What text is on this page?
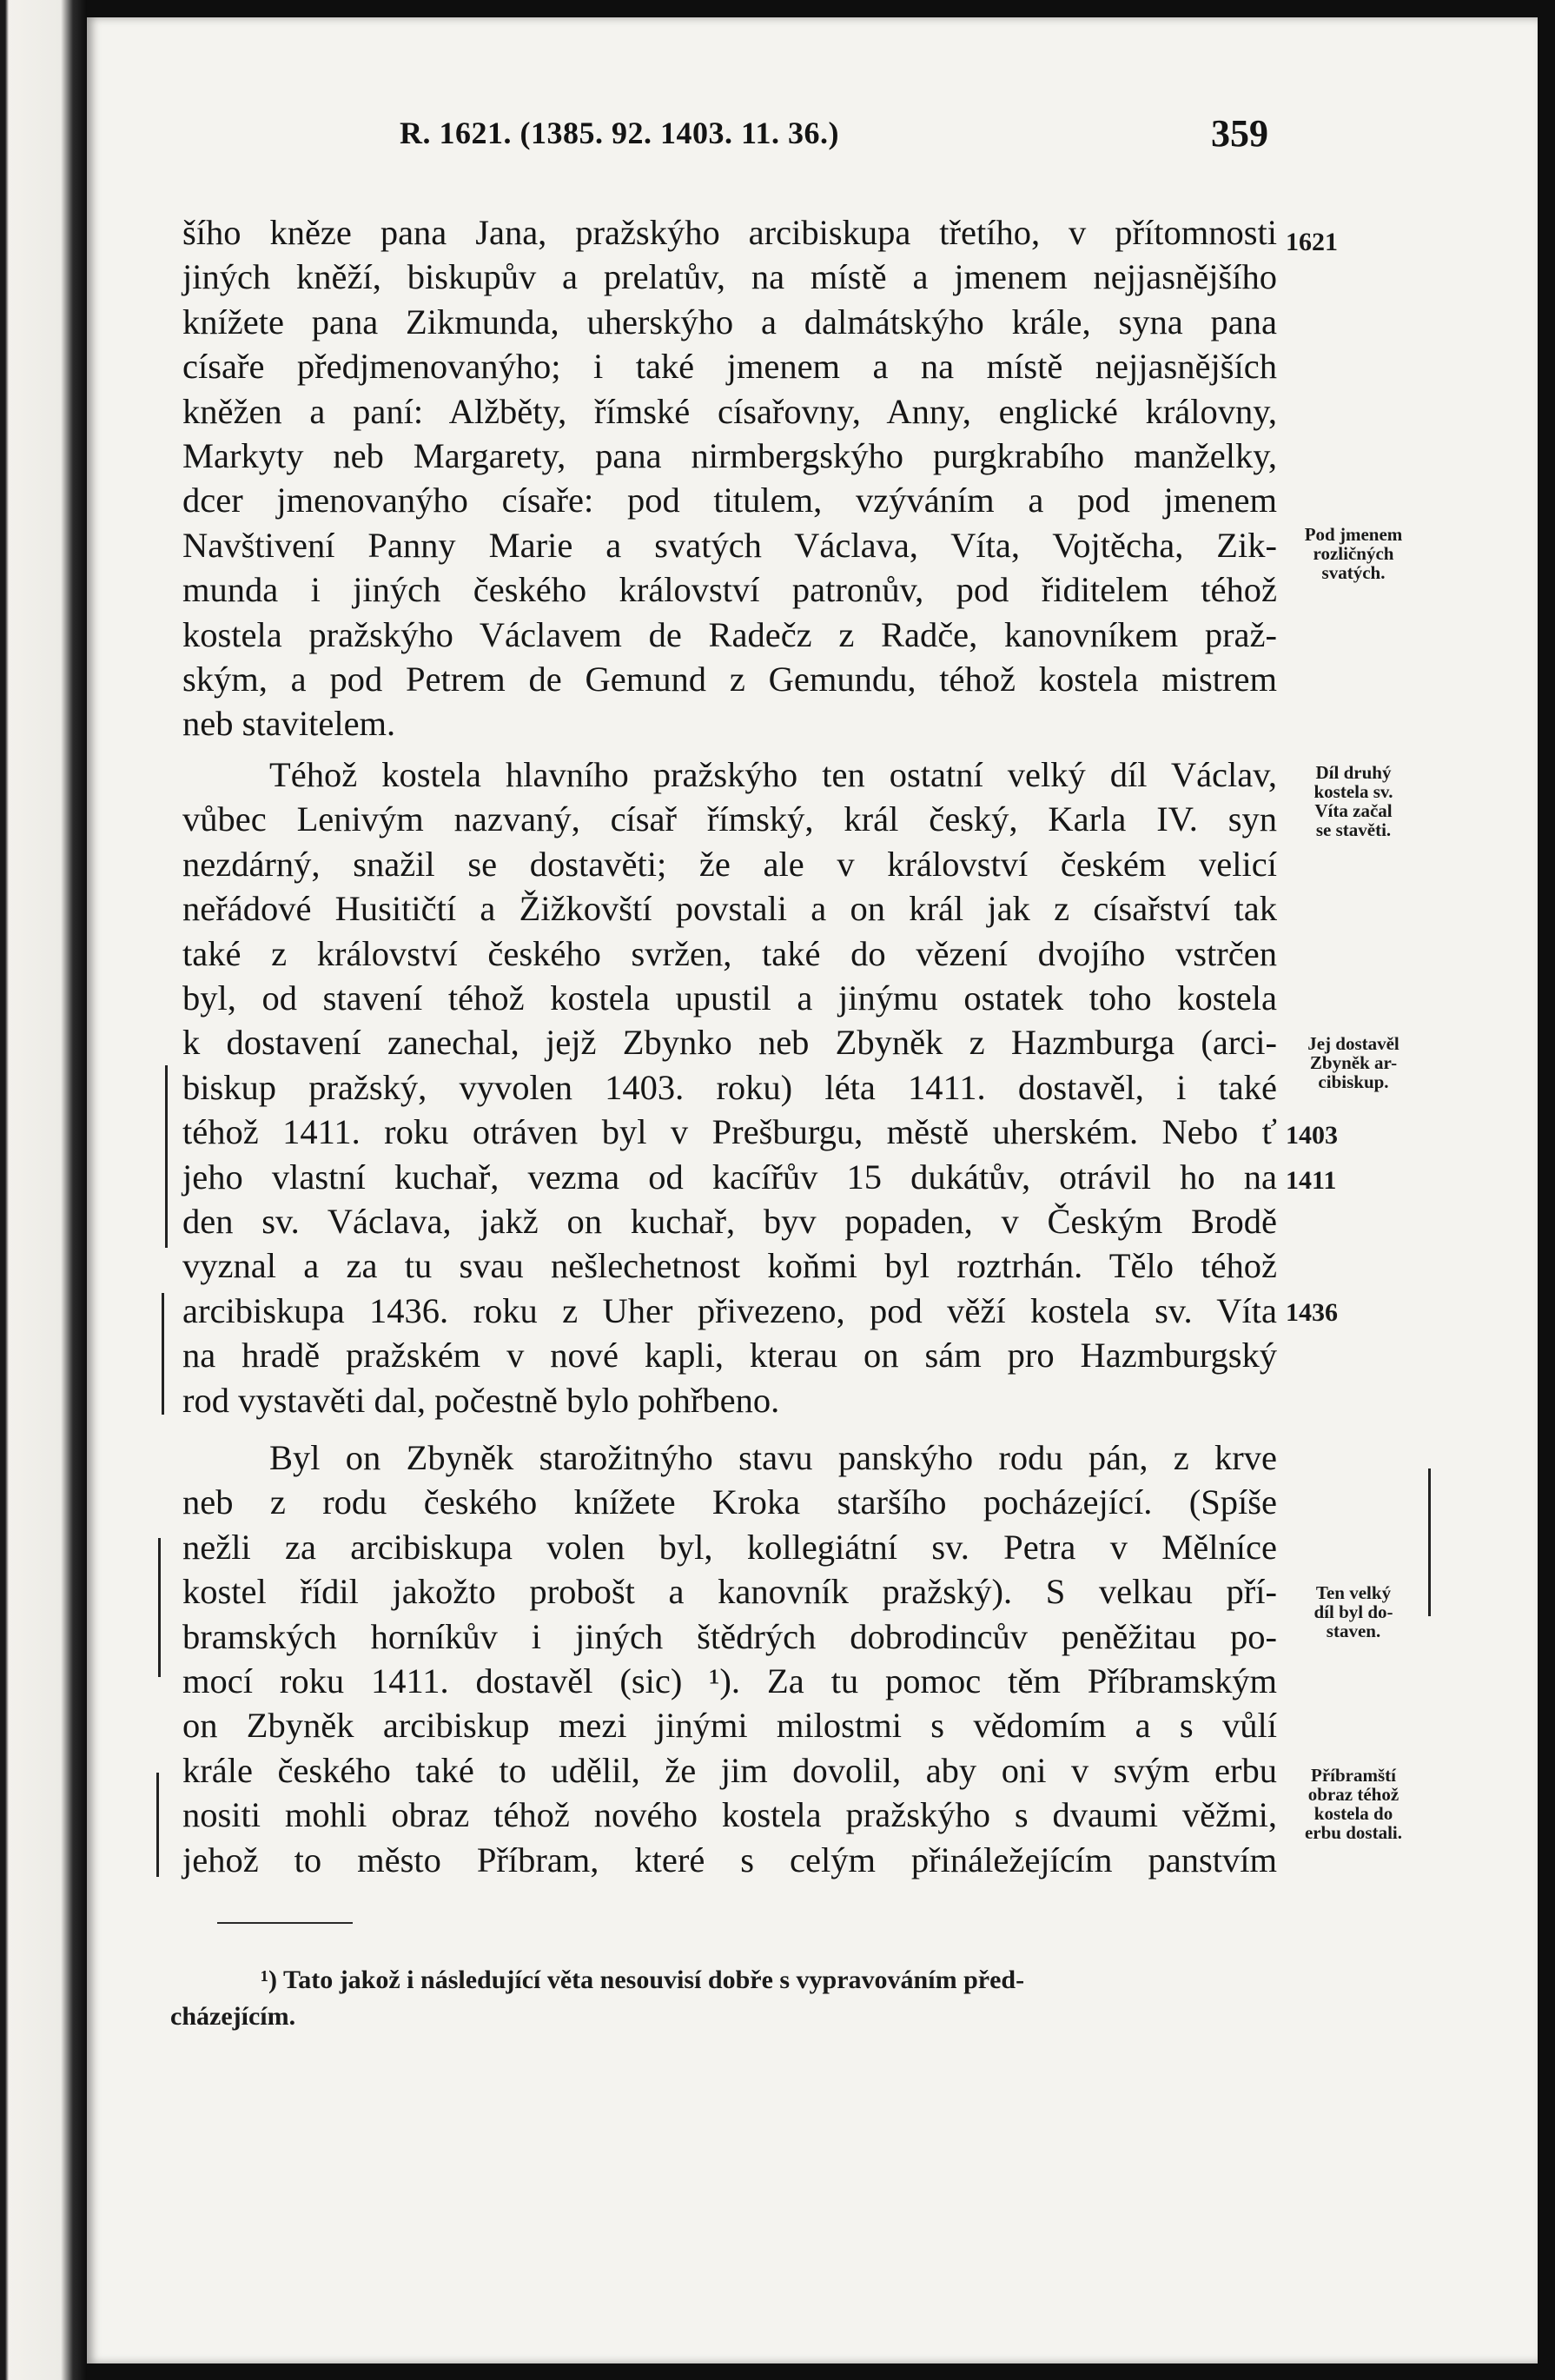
R. 1621. (1385. 92. 1403. 11. 36.)	359
šího kněze pana Jana, pražskýho arcibiskupa třetího, v přítomnosti
jiných kněží, biskupův a prelatův, na místě a jmenem nejjasnějšího
knížete pana Zikmunda, uherskýho a dalmátskýho krále, syna pana
císaře předjmenovanýho; i také jmenem a na místě nejjasnějších
kněžen a paní: Alžběty, římské císařovny, Anny, englické královny,
Markyty neb Margarety, pana nirmbergskýho purgkrabího manželky,
dcer jmenovanýho císaře: pod titulem, vzýváním a pod jmenem
Navštivení Panny Marie a svatých Václava, Víta, Vojtěcha, Zik-
munda i jiných českého království patronův, pod řiditelem téhož
kostela pražskýho Václavem de Radečz z Radče, kanovníkem praž-
ským, a pod Petrem de Gemund z Gemundu, téhož kostela mistrem
neb stavitelem.
Téhož kostela hlavního pražskýho ten ostatní velký díl Václav,
vůbec Lenivým nazvaný, císař římský, král český, Karla IV. syn
nezdárný, snažil se dostavěti; že ale v království českém velicí
neřádové Husitičtí a Žižkovští povstali a on král jak z císařství tak
také z království českého svržen, také do vězení dvojího vstrčen
byl, od stavení téhož kostela upustil a jinýmu ostatek toho kostela
k dostavení zanechal, jejž Zbynko neb Zbyněk z Hazmburga (arci-
biskup pražský, vyvolen 1403. roku) léta 1411. dostavěl, i také
téhož 1411. roku otráven byl v Prešburgu, městě uherském. Nebo ť
jeho vlastní kuchař, vezma od kacířův 15 dukátův, otrávil ho na
den sv. Václava, jakž on kuchař, byv popaden, v Českým Brodě
vyznal a za tu svau nešlechetnost koňmi byl roztrhán. Tělo téhož
arcibiskupa 1436. roku z Uher přivezeno, pod věží kostela sv. Víta
na hradě pražském v nové kapli, kterau on sám pro Hazmburgský
rod vystavěti dal, počestně bylo pohřbeno.
Byl on Zbyněk starožitnýho stavu panskýho rodu pán, z krve
neb z rodu českého knížete Kroka staršího pocházející. (Spíše
nežli za arcibiskupa volen byl, kollegiátní sv. Petra v Mělníce
kostel řídil jakožto probošt a kanovník pražský). S velkau pří-
bramských horníkův i jiných štědrých dobrodincův peněžitau po-
mocí roku 1411. dostavěl (sic) ¹). Za tu pomoc těm Příbramským
on Zbyněk arcibiskup mezi jinými milostmi s vědomím a s vůlí
krále českého také to udělil, že jim dovolil, aby oni v svým erbu
nositi mohli obraz téhož nového kostela pražskýho s dvaumi věžmi,
jehož to město Příbram, které s celým přináležejícím panstvím
1621
Pod jmenem
rozličných
svatých.
Díl druhý
kostela sv.
Víta začal
se stavěti.
Jej dostavěl
Zbyněk ar-
cibiskup.
1403
1411
1436
Ten velký
díl byl do-
staven.
Příbramští
obraz téhož
kostela do
erbu dostali.
¹) Tato jakož i následující věta nesouvisí dobře s vypravováním před-
cházejícím.
